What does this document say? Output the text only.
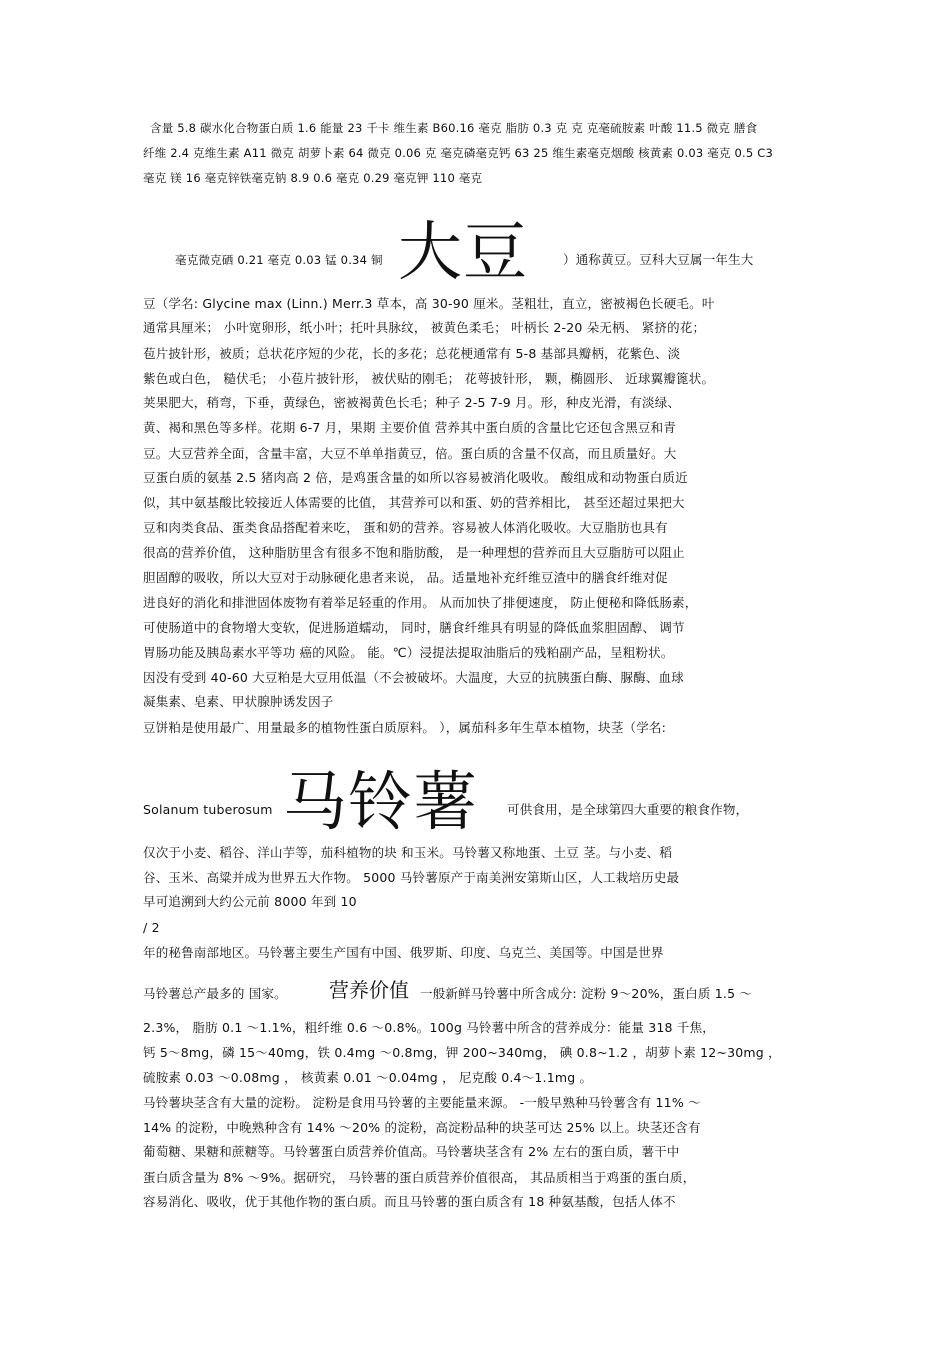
含量 5.8 碳水化合物蛋白质 1.6 能量 23 千卡 维生素 B60.16 毫克 脂肪 0.3 克 克 克毫硫胺素 叶酸 11.5 微克 膳食
纤维 2.4 克维生素 A11 微克 胡萝卜素 64 微克 0.06 克 毫克磷毫克钙 63 25 维生素毫克烟酸 核黄素 0.03 毫克 0.5 C3
毫克 镁 16 毫克锌铁毫克钠 8.9 0.6 毫克 0.29 毫克钾 110 毫克
毫克微克硒 0.21 毫克 0.03 锰 0.34 铜 大豆	）通称黄豆。豆科大豆属一年生大
豆（学名: Glycine max (Linn.) Merr.3 草本，高 30-90 厘米。茎粗壮，直立，密被褐色长硬毛。叶
通常具厘米； 小叶宽卵形，纸小叶；托叶具脉纹， 被黄色柔毛； 叶柄长 2-20 朵无柄、 紧挤的花；
苞片披针形，被质；总状花序短的少花，长的多花；总花梗通常有 5-8 基部具瓣柄，花紫色、淡
紫色或白色， 糙伏毛； 小苞片披针形， 被伏贴的刚毛； 花萼披针形， 颗，椭圆形、 近球翼瓣篦状。
荚果肥大，稍弯，下垂，黄绿色，密被褐黄色长毛；种子 2-5 7-9 月。形，种皮光滑，有淡绿、
黄、褐和黑色等多样。花期 6-7 月，果期 主要价值 营养其中蛋白质的含量比它还包含黑豆和青
豆。大豆营养全面，含量丰富，大豆不单单指黄豆，倍。蛋白质的含量不仅高，而且质量好。大
豆蛋白质的氨基 2.5 猪肉高 2 倍，是鸡蛋含量的如所以容易被消化吸收。 酸组成和动物蛋白质近
似，其中氨基酸比较接近人体需要的比值， 其营养可以和蛋、奶的营养相比， 甚至还超过果把大
豆和肉类食品、蛋类食品搭配着来吃， 蛋和奶的营养。容易被人体消化吸收。大豆脂肪也具有
很高的营养价值， 这种脂肪里含有很多不饱和脂肪酸， 是一种理想的营养而且大豆脂肪可以阻止
胆固醇的吸收，所以大豆对于动脉硬化患者来说， 品。适量地补充纤维豆渣中的膳食纤维对促
进良好的消化和排泄固体废物有着举足轻重的作用。 从而加快了排便速度， 防止便秘和降低肠素，
可使肠道中的食物增大变软，促进肠道蠕动， 同时，膳食纤维具有明显的降低血浆胆固醇、 调节
胃肠功能及胰岛素水平等功 癌的风险。 能。℃）浸提法提取油脂后的残粕副产品，呈粗粉状。
因没有受到 40-60 大豆粕是大豆用低温（不会被破坏。大温度，大豆的抗胰蛋白酶、脲酶、血球
凝集素、皂素、甲状腺肿诱发因子
豆饼粕是使用最广、用量最多的植物性蛋白质原料。 ），属茄科多年生草本植物，块茎（学名:
Solanum tuberosum 马铃薯 可供食用，是全球第四大重要的粮食作物，
仅次于小麦、稻谷、洋山芋等，茄科植物的块 和玉米。马铃薯又称地蛋、土豆 茎。与小麦、稻
谷、玉米、高粱并成为世界五大作物。 5000 马铃薯原产于南美洲安第斯山区，人工栽培历史最
早可追溯到大约公元前 8000 年到 10
/ 2
年的秘鲁南部地区。马铃薯主要生产国有中国、俄罗斯、印度、乌克兰、美国等。中国是世界
马铃薯总产最多的 国家。 营养价值 一般新鲜马铃薯中所含成分: 淀粉 9～20%，蛋白质 1.5 ～
2.3%， 脂肪 0.1 ～1.1%，粗纤维 0.6 ～0.8%。100g 马铃薯中所含的营养成分：能量 318 千焦，
钙 5～8mg，磷 15～40mg，铁 0.4mg ～0.8mg，钾 200~340mg， 碘 0.8~1.2 ，胡萝卜素 12~30mg ，
硫胺素 0.03 ～0.08mg ， 核黄素 0.01 ～0.04mg ， 尼克酸 0.4～1.1mg 。
马铃薯块茎含有大量的淀粉。 淀粉是食用马铃薯的主要能量来源。 -一般早熟种马铃薯含有 11% ～
14% 的淀粉，中晚熟种含有 14% ～20% 的淀粉，高淀粉品种的块茎可达 25% 以上。块茎还含有
葡萄糖、果糖和蔗糖等。马铃薯蛋白质营养价值高。马铃薯块茎含有 2% 左右的蛋白质，薯干中
蛋白质含量为 8% ～9%。据研究， 马铃薯的蛋白质营养价值很高， 其品质相当于鸡蛋的蛋白质，
容易消化、吸收，优于其他作物的蛋白质。而且马铃薯的蛋白质含有 18 种氨基酸，包括人体不
